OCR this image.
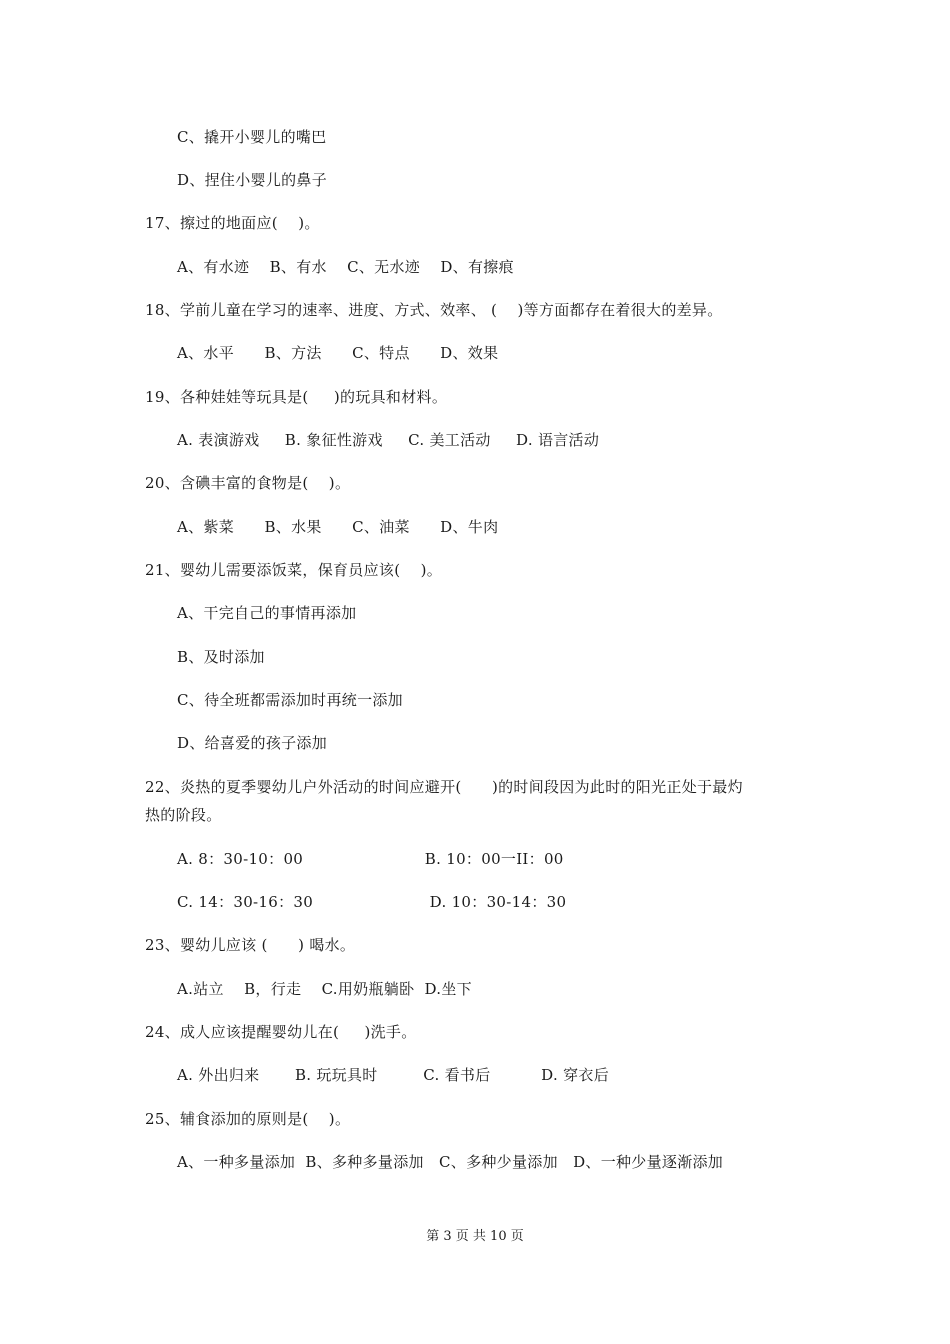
C、撬开小婴儿的嘴巴
D、捏住小婴儿的鼻子
17、擦过的地面应(    )。
A、有水迹    B、有水    C、无水迹    D、有擦痕
18、学前儿童在学习的速率、进度、方式、效率、 (    )等方面都存在着很大的差异。
A、水平      B、方法      C、特点      D、效果
19、各种娃娃等玩具是(     )的玩具和材料。
A. 表演游戏     B. 象征性游戏     C. 美工活动     D. 语言活动
20、含碘丰富的食物是(    )。
A、紫菜      B、水果      C、油菜      D、牛肉
21、婴幼儿需要添饭菜，保育员应该(    )。
A、干完自己的事情再添加
B、及时添加
C、待全班都需添加时再统一添加
D、给喜爱的孩子添加
22、炎热的夏季婴幼儿户外活动的时间应避开(      )的时间段因为此时的阳光正处于最灼
热的阶段。
A. 8：30-10：00                        B. 10：00一II：00
C. 14：30-16：30                       D. 10：30-14：30
23、婴幼儿应该 (      ) 喝水。
A.站立    B，行走    C.用奶瓶躺卧  D.坐下
24、成人应该提醒婴幼儿在(     )洗手。
A. 外出归来       B. 玩玩具时         C. 看书后          D. 穿衣后
25、辅食添加的原则是(    )。
A、一种多量添加  B、多种多量添加   C、多种少量添加   D、一种少量逐渐添加
第 3 页 共 10 页
